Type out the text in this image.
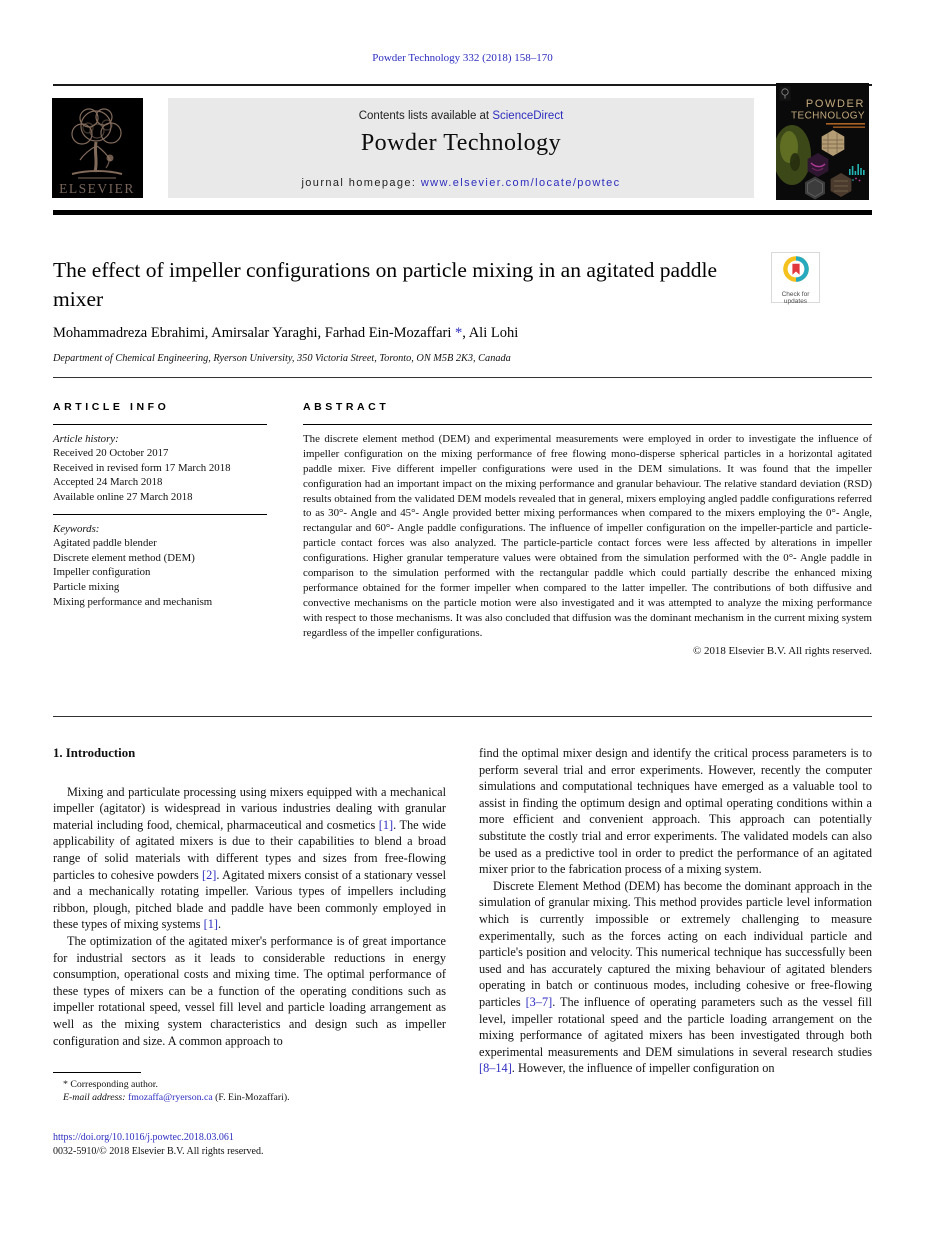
Powder Technology 332 (2018) 158–170
ELSEVIER
Contents lists available at ScienceDirect
Powder Technology
journal homepage: www.elsevier.com/locate/powtec
POWDER
TECHNOLOGY
The effect of impeller configurations on particle mixing in an agitated paddle mixer	Check for
updates
Mohammadreza Ebrahimi, Amirsalar Yaraghi, Farhad Ein-Mozaffari *, Ali Lohi
Department of Chemical Engineering, Ryerson University, 350 Victoria Street, Toronto, ON M5B 2K3, Canada
ARTICLE INFO
Article history:
Received 20 October 2017
Received in revised form 17 March 2018
Accepted 24 March 2018
Available online 27 March 2018
Keywords:
Agitated paddle blender
Discrete element method (DEM)
Impeller configuration
Particle mixing
Mixing performance and mechanism
ABSTRACT
The discrete element method (DEM) and experimental measurements were employed in order to investigate the influence of impeller configuration on the mixing performance of free flowing mono-disperse spherical particles in a horizontal agitated paddle mixer. Five different impeller configurations were used in the DEM simulations. It was found that the impeller configuration had an important impact on the mixing performance and granular behaviour. The relative standard deviation (RSD) results obtained from the validated DEM models revealed that in general, mixers employing angled paddle configurations referred to as 30°- Angle and 45°- Angle provided better mixing performances when compared to the mixers employing the 0°- Angle, rectangular and 60°- Angle paddle configurations. The influence of impeller configuration on the impeller-particle and particle-particle contact forces was also analyzed. The particle-particle contact forces were less affected by alterations in impeller configurations. Higher granular temperature values were obtained from the simulation performed with the 0°- Angle paddle in comparison to the simulation performed with the rectangular paddle which could partially describe the enhanced mixing performance obtained for the former impeller when compared to the latter impeller. The contributions of both diffusive and convective mechanisms on the particle motion were also investigated and it was attempted to analyze the mixing performance with respect to those mechanisms. It was also concluded that diffusion was the dominant mechanism in the current mixing system regardless of the impeller configurations.
© 2018 Elsevier B.V. All rights reserved.
1. Introduction

Mixing and particulate processing using mixers equipped with a mechanical impeller (agitator) is widespread in various industries dealing with granular material including food, chemical, pharmaceutical and cosmetics [1]. The wide applicability of agitated mixers is due to their capabilities to blend a broad range of solid materials with different types and sizes from free-flowing particles to cohesive powders [2]. Agitated mixers consist of a stationary vessel and a mechanically rotating impeller. Various types of impellers including ribbon, plough, pitched blade and paddle have been commonly employed in these types of mixing systems [1].

The optimization of the agitated mixer's performance is of great importance for industrial sectors as it leads to considerable reductions in energy consumption, operational costs and mixing time. The optimal performance of these types of mixers can be a function of the operating conditions such as impeller rotational speed, vessel fill level and particle loading arrangement as well as the mixing system characteristics and design such as impeller configuration and size. A common approach to

find the optimal mixer design and identify the critical process parameters is to perform several trial and error experiments. However, recently the computer simulations and computational techniques have emerged as a valuable tool to assist in finding the optimum design and optimal operating conditions within a more efficient and convenient approach. This approach can potentially substitute the costly trial and error experiments. The validated models can also be used as a predictive tool in order to predict the performance of an agitated mixer prior to the fabrication process of a mixing system.

Discrete Element Method (DEM) has become the dominant approach in the simulation of granular mixing. This method provides particle level information which is currently impossible or extremely challenging to measure experimentally, such as the forces acting on each individual particle and particle's position and velocity. This numerical technique has successfully been used and has accurately captured the mixing behaviour of agitated blenders operating in batch or continuous modes, including cohesive or free-flowing particles [3–7]. The influence of operating parameters such as the vessel fill level, impeller rotational speed and the particle loading arrangement on the mixing performance of agitated mixers has been investigated through both experimental measurements and DEM simulations in several research studies [8–14]. However, the influence of impeller configuration on

* Corresponding author.
E-mail address: fmozaffa@ryerson.ca (F. Ein-Mozaffari).
https://doi.org/10.1016/j.powtec.2018.03.061
0032-5910/© 2018 Elsevier B.V. All rights reserved.
